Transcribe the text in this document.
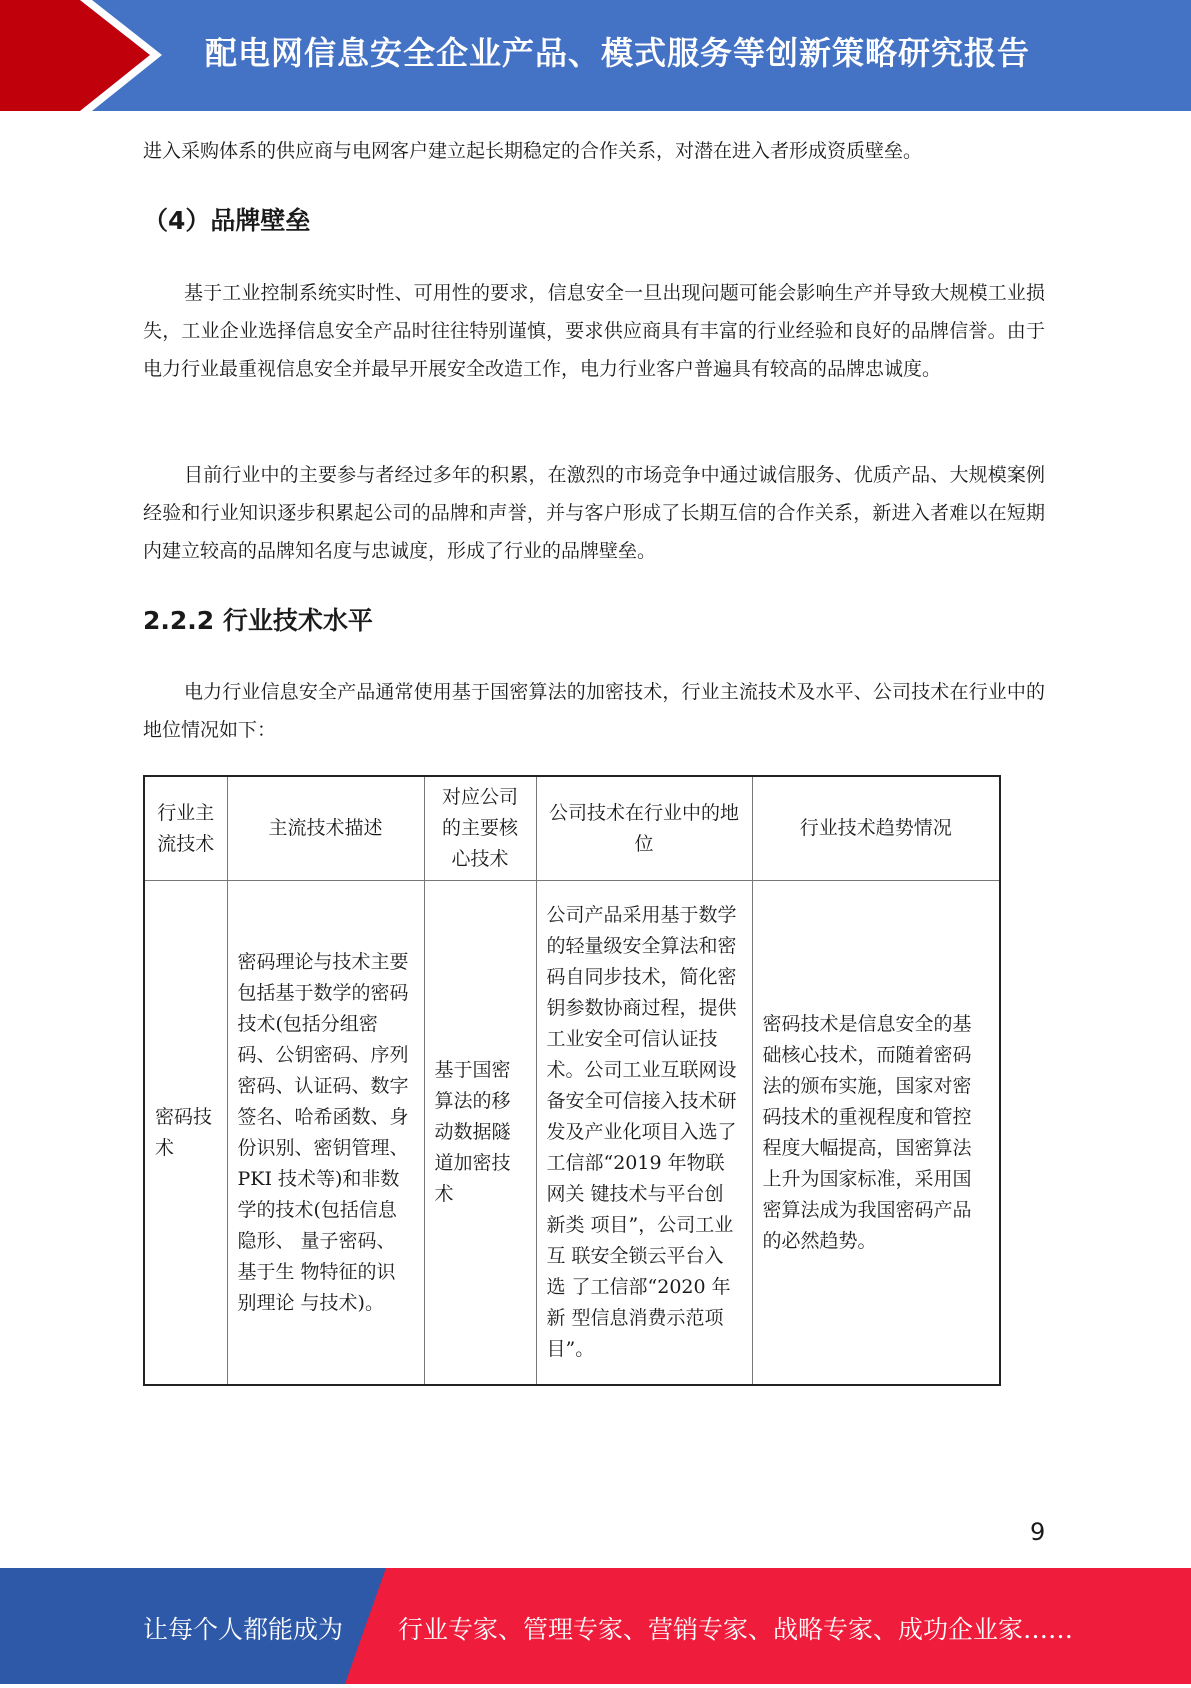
配电网信息安全企业产品、模式服务等创新策略研究报告

进入采购体系的供应商与电网客户建立起长期稳定的合作关系，对潜在进入者形成资质壁垒。

（4）品牌壁垒

基于工业控制系统实时性、可用性的要求，信息安全一旦出现问题可能会影响生产并导致大规模工业损失，工业企业选择信息安全产品时往往特别谨慎，要求供应商具有丰富的行业经验和良好的品牌信誉。由于电力行业最重视信息安全并最早开展安全改造工作，电力行业客户普遍具有较高的品牌忠诚度。

目前行业中的主要参与者经过多年的积累，在激烈的市场竞争中通过诚信服务、优质产品、大规模案例经验和行业知识逐步积累起公司的品牌和声誉，并与客户形成了长期互信的合作关系，新进入者难以在短期内建立较高的品牌知名度与忠诚度，形成了行业的品牌壁垒。

2.2.2 行业技术水平

电力行业信息安全产品通常使用基于国密算法的加密技术，行业主流技术及水平、公司技术在行业中的地位情况如下：

行业主流技术	主流技术描述	对应公司的主要核心技术	公司技术在行业中的地位	行业技术趋势情况
密码技术	密码理论与技术主要包括基于数学的密码技术(包括分组密码、公钥密码、序列密码、认证码、数字签名、哈希函数、身份识别、密钥管理、PKI 技术等)和非数学的技术(包括信息隐形、 量子密码、基于生 物特征的识别理论 与技术)。	基于国密算法的移动数据隧道加密技术	公司产品采用基于数学的轻量级安全算法和密码自同步技术，简化密钥参数协商过程，提供工业安全可信认证技术。公司工业互联网设备安全可信接入技术研发及产业化项目入选了工信部“2019 年物联网关 键技术与平台创新类 项目”，公司工业互 联安全锁云平台入选 了工信部“2020 年新 型信息消费示范项　目”。	密码技术是信息安全的基础核心技术，而随着密码法的颁布实施，国家对密码技术的重视程度和管控程度大幅提高，国密算法上升为国家标准，采用国密算法成为我国密码产品的必然趋势。
9
让每个人都能成为 行业专家、管理专家、营销专家、战略专家、成功企业家……
